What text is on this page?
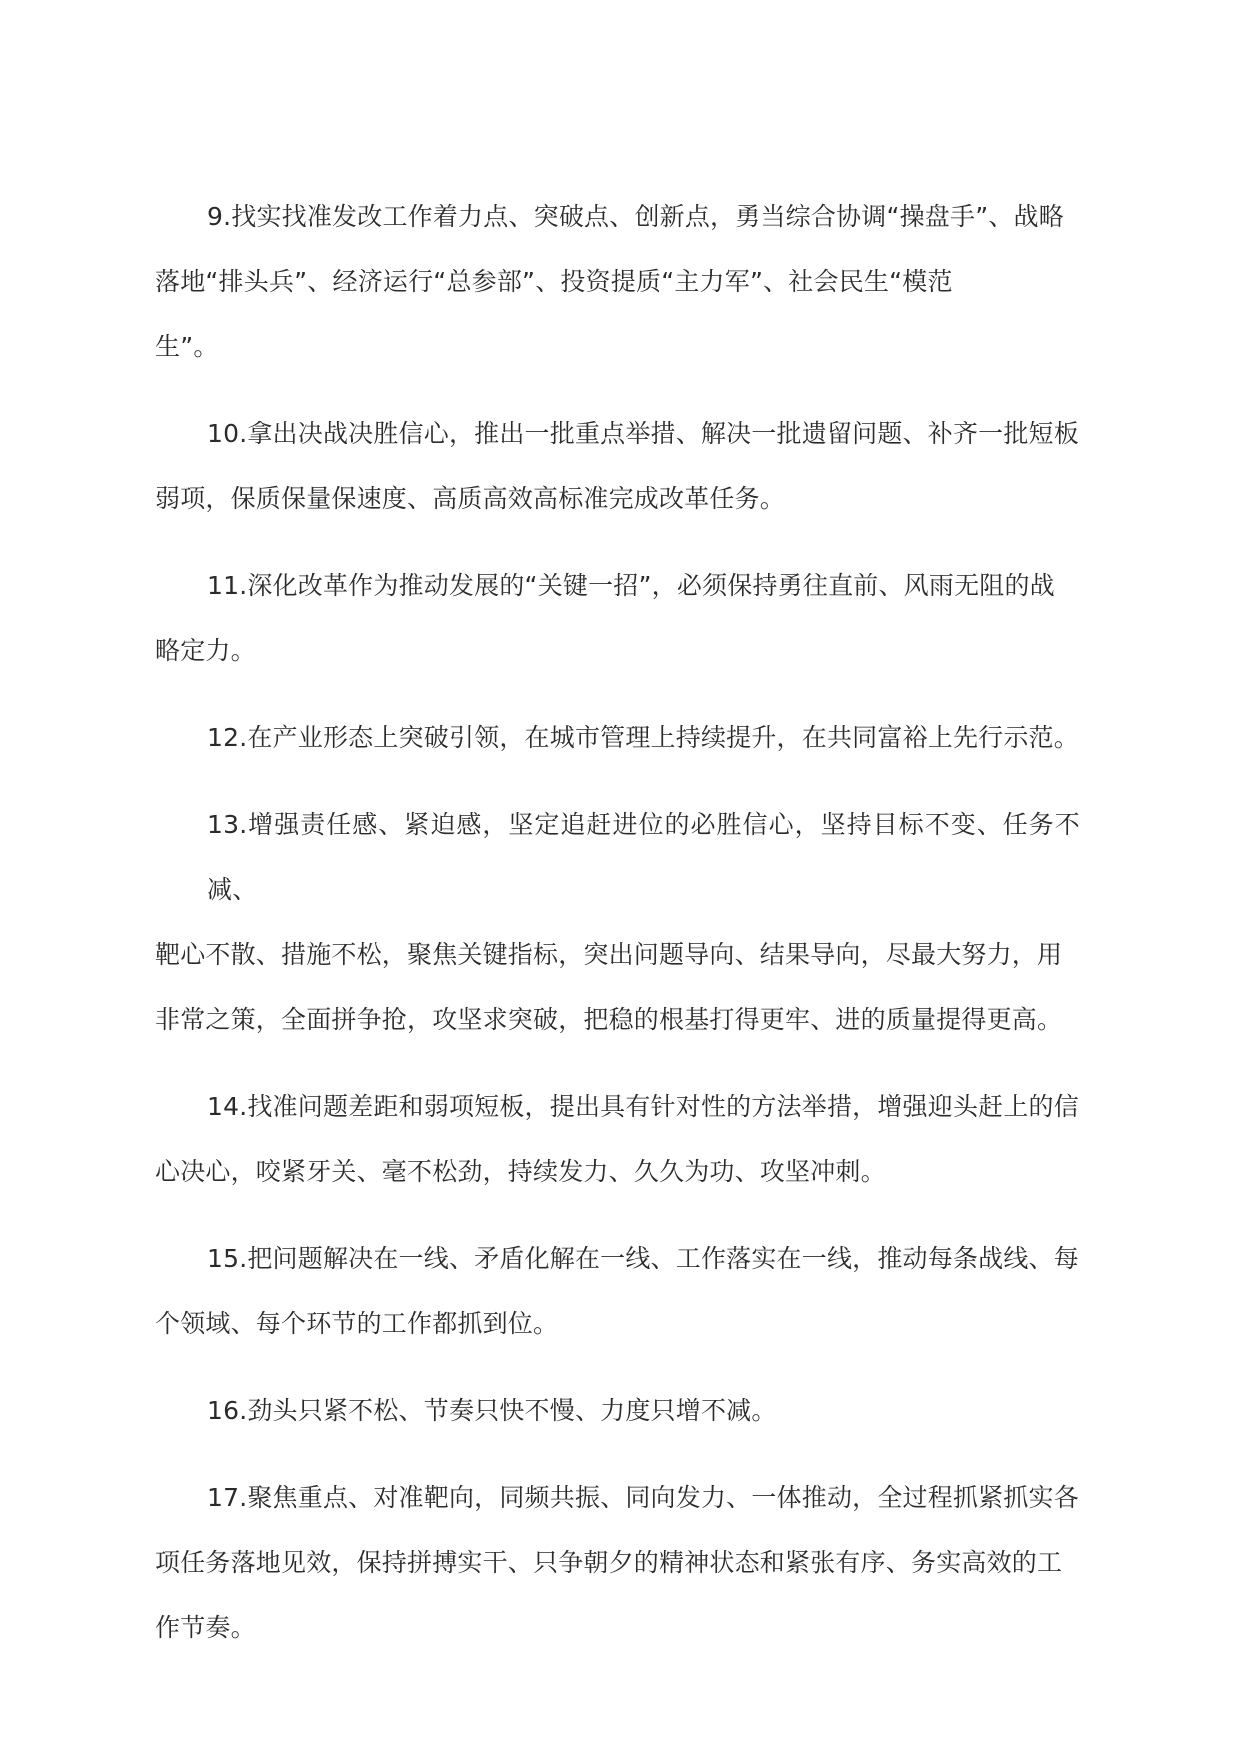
9.找实找准发改工作着力点、突破点、创新点，勇当综合协调“操盘手”、战略
落地“排头兵”、经济运行“总参部”、投资提质“主力军”、社会民生“模范
生”。

10.拿出决战决胜信心，推出一批重点举措、解决一批遗留问题、补齐一批短板
弱项，保质保量保速度、高质高效高标准完成改革任务。

11.深化改革作为推动发展的“关键一招”，必须保持勇往直前、风雨无阻的战
略定力。

12.在产业形态上突破引领，在城市管理上持续提升，在共同富裕上先行示范。

13.增强责任感、紧迫感，坚定追赶进位的必胜信心，坚持目标不变、任务不减、
靶心不散、措施不松，聚焦关键指标，突出问题导向、结果导向，尽最大努力，用
非常之策，全面拼争抢，攻坚求突破，把稳的根基打得更牢、进的质量提得更高。

14.找准问题差距和弱项短板，提出具有针对性的方法举措，增强迎头赶上的信
心决心，咬紧牙关、毫不松劲，持续发力、久久为功、攻坚冲刺。

15.把问题解决在一线、矛盾化解在一线、工作落实在一线，推动每条战线、每
个领域、每个环节的工作都抓到位。

16.劲头只紧不松、节奏只快不慢、力度只增不减。

17.聚焦重点、对准靶向，同频共振、同向发力、一体推动，全过程抓紧抓实各
项任务落地见效，保持拼搏实干、只争朝夕的精神状态和紧张有序、务实高效的工
作节奏。
